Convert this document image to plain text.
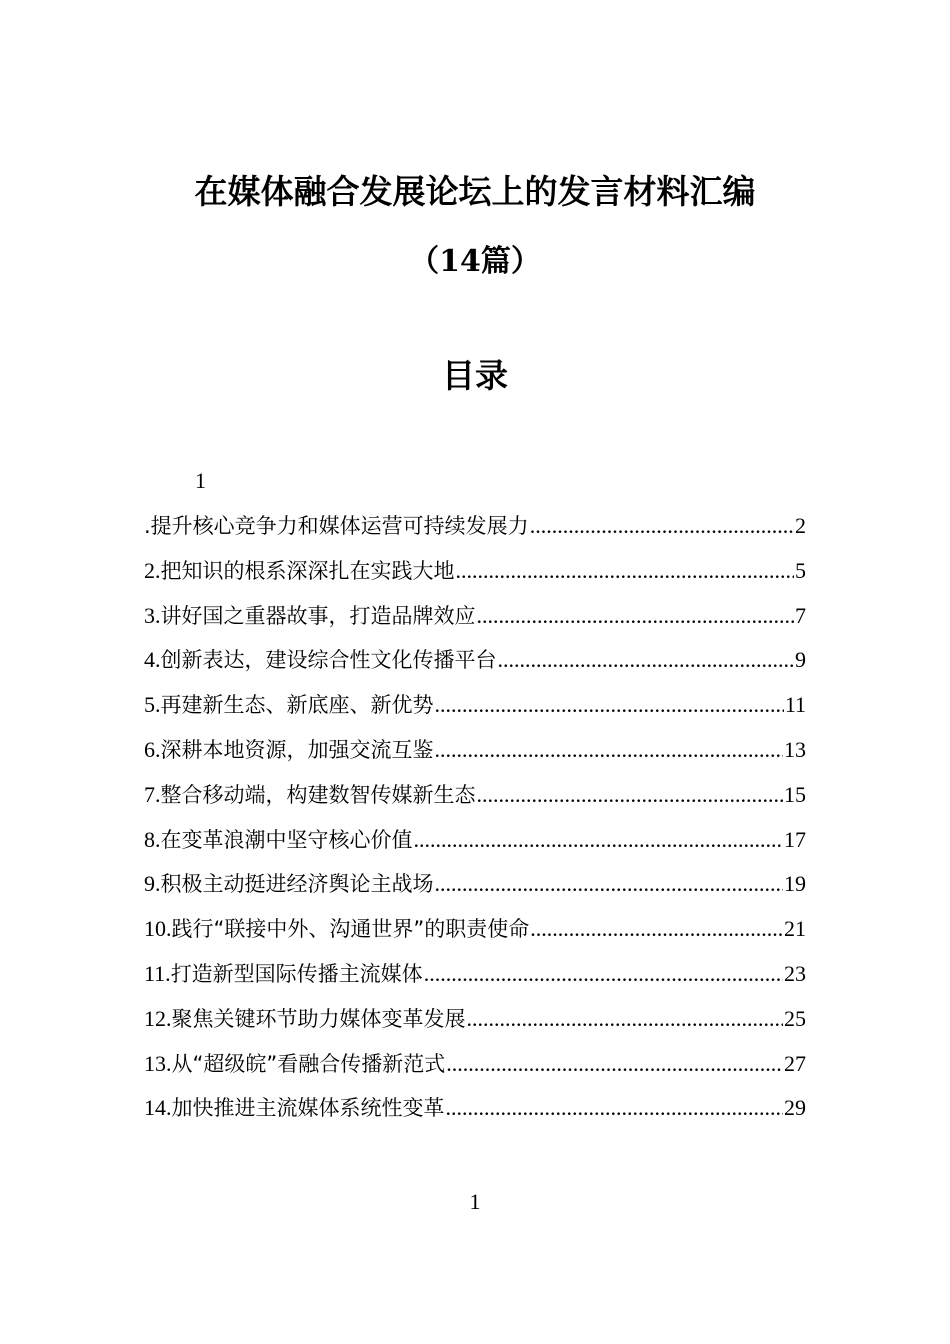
在媒体融合发展论坛上的发言材料汇编
（14篇）
目录
1
.提升核心竞争力和媒体运营可持续发展力 .....	2
2. 把知识的根系深深扎在实践大地 .....	5
3. 讲好国之重器故事，打造品牌效应 .....	7
4. 创新表达，建设综合性文化传播平台 .....	9
5. 再建新生态、新底座、新优势 .....	11
6. 深耕本地资源，加强交流互鉴 .....	13
7. 整合移动端，构建数智传媒新生态 .....	15
8. 在变革浪潮中坚守核心价值 .....	17
9. 积极主动挺进经济舆论主战场 .....	19
10. 践行“联接中外、沟通世界”的职责使命 .....	21
11. 打造新型国际传播主流媒体 .....	23
12. 聚焦关键环节助力媒体变革发展 .....	25
13. 从“超级皖”看融合传播新范式 .....	27
14. 加快推进主流媒体系统性变革 .....	29
1
